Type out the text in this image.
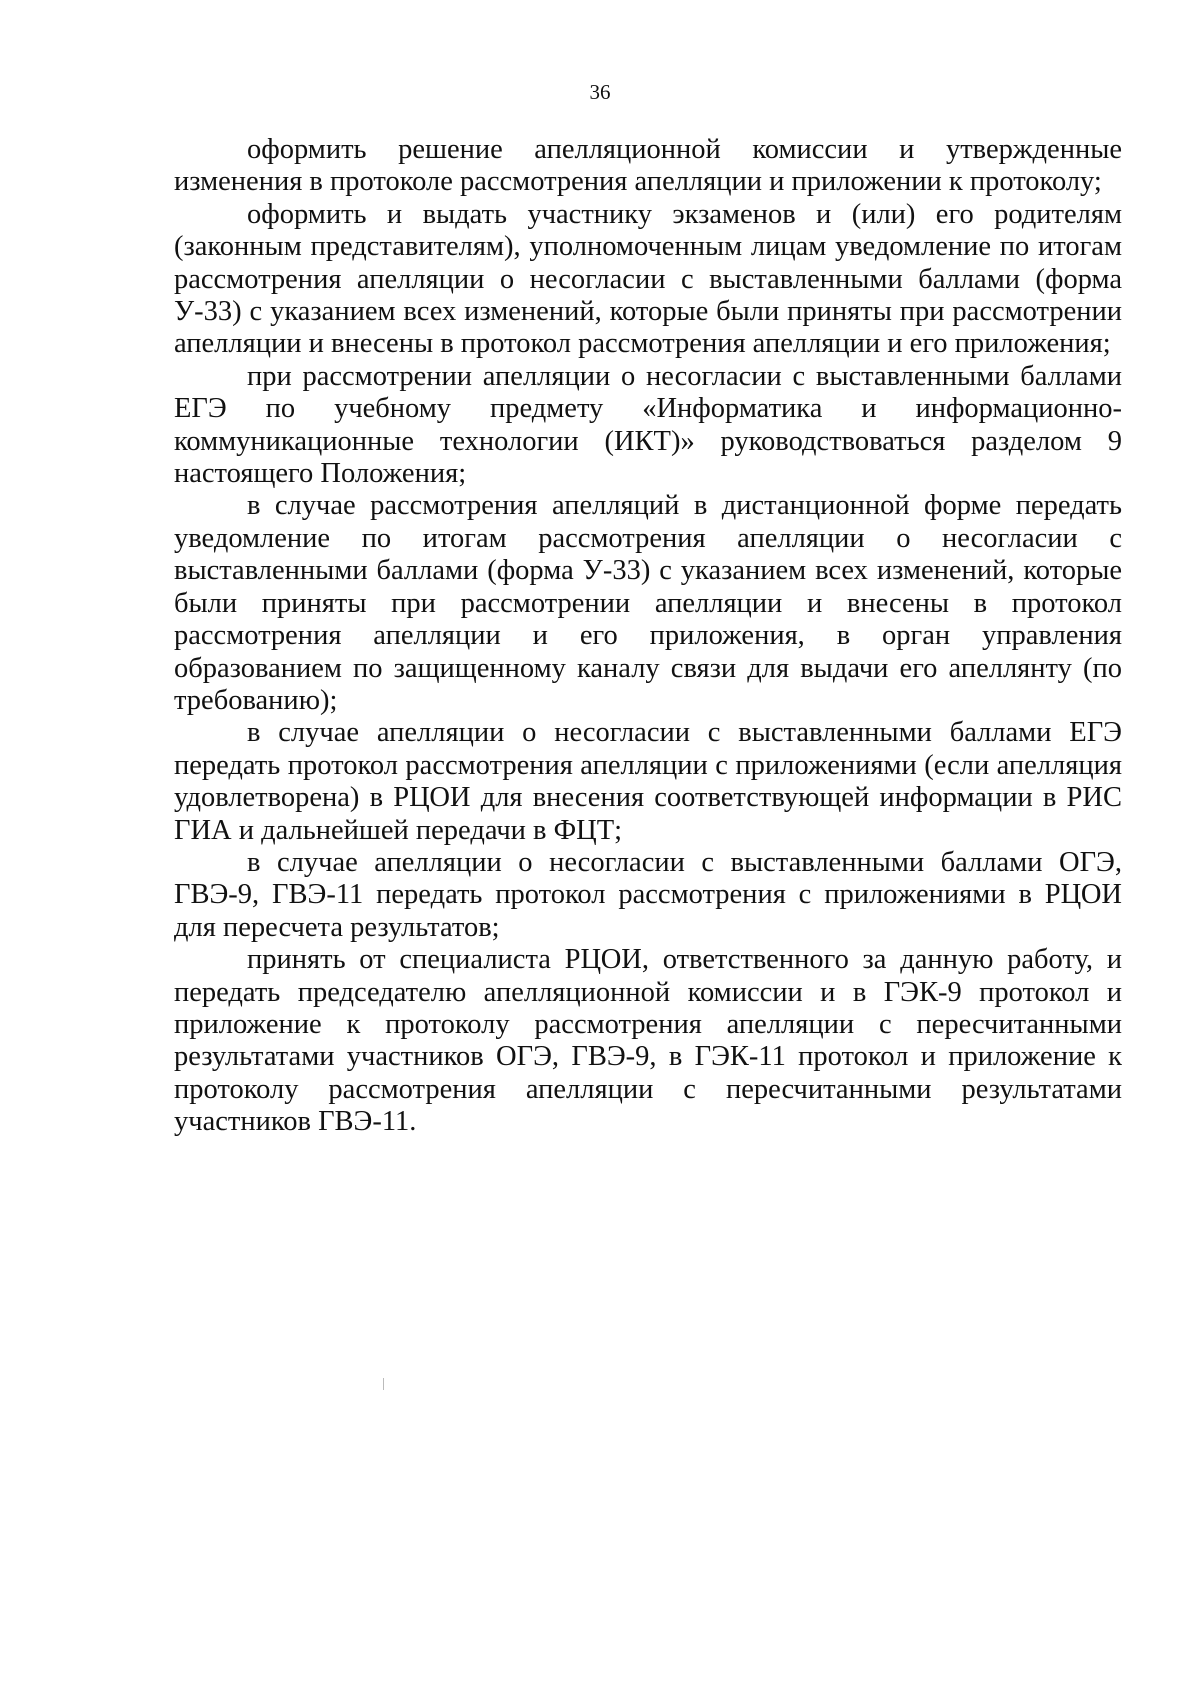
36

оформить решение апелляционной комиссии и утвержденные изменения в протоколе рассмотрения апелляции и приложении к протоколу;

оформить и выдать участнику экзаменов и (или) его родителям (законным представителям), уполномоченным лицам уведомление по итогам рассмотрения апелляции о несогласии с выставленными баллами (форма У-33) с указанием всех изменений, которые были приняты при рассмотрении апелляции и внесены в протокол рассмотрения апелляции и его приложения;

при рассмотрении апелляции о несогласии с выставленными баллами ЕГЭ по учебному предмету «Информатика и информационно-коммуникационные технологии (ИКТ)» руководствоваться разделом 9 настоящего Положения;

в случае рассмотрения апелляций в дистанционной форме передать уведомление по итогам рассмотрения апелляции о несогласии с выставленными баллами (форма У-33) с указанием всех изменений, которые были приняты при рассмотрении апелляции и внесены в протокол рассмотрения апелляции и его приложения, в орган управления образованием по защищенному каналу связи для выдачи его апеллянту (по требованию);

в случае апелляции о несогласии с выставленными баллами ЕГЭ передать протокол рассмотрения апелляции с приложениями (если апелляция удовлетворена) в РЦОИ для внесения соответствующей информации в РИС ГИА и дальнейшей передачи в ФЦТ;

в случае апелляции о несогласии с выставленными баллами ОГЭ, ГВЭ-9, ГВЭ-11 передать протокол рассмотрения с приложениями в РЦОИ для пересчета результатов;

принять от специалиста РЦОИ, ответственного за данную работу, и передать председателю апелляционной комиссии и в ГЭК-9 протокол и приложение к протоколу рассмотрения апелляции с пересчитанными результатами участников ОГЭ, ГВЭ-9, в ГЭК-11 протокол и приложение к протоколу рассмотрения апелляции с пересчитанными результатами участников ГВЭ-11.
